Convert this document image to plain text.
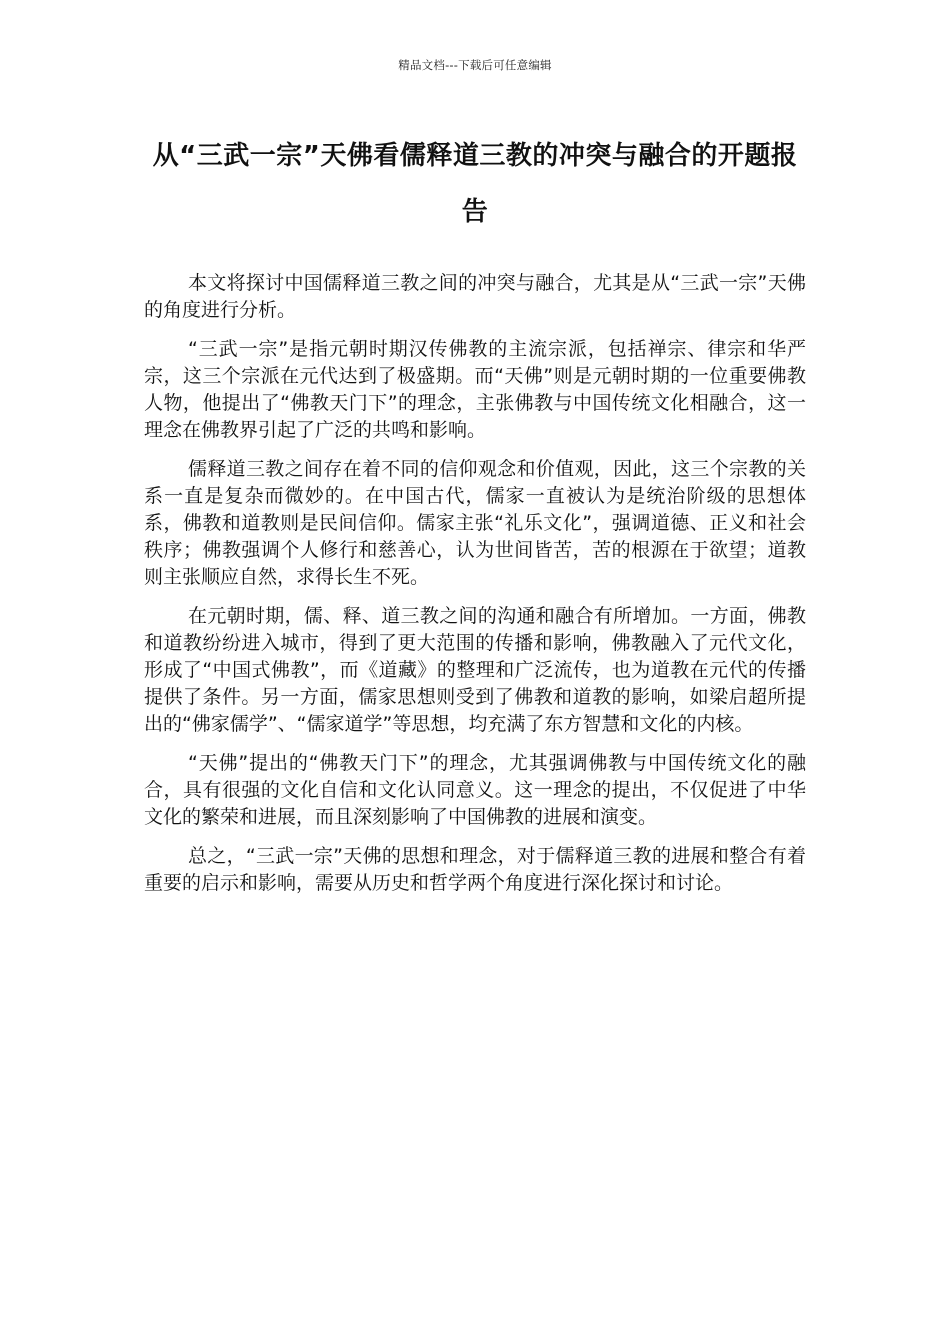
精品文档---下载后可任意编辑
从“三武一宗”天佛看儒释道三教的冲突与融合的开题报告

本文将探讨中国儒释道三教之间的冲突与融合，尤其是从“三武一宗”天佛的角度进行分析。

“三武一宗”是指元朝时期汉传佛教的主流宗派，包括禅宗、律宗和华严宗，这三个宗派在元代达到了极盛期。而“天佛”则是元朝时期的一位重要佛教人物，他提出了“佛教天门下”的理念，主张佛教与中国传统文化相融合，这一理念在佛教界引起了广泛的共鸣和影响。

儒释道三教之间存在着不同的信仰观念和价值观，因此，这三个宗教的关系一直是复杂而微妙的。在中国古代，儒家一直被认为是统治阶级的思想体系，佛教和道教则是民间信仰。儒家主张“礼乐文化”，强调道德、正义和社会秩序；佛教强调个人修行和慈善心，认为世间皆苦，苦的根源在于欲望；道教则主张顺应自然，求得长生不死。

在元朝时期，儒、释、道三教之间的沟通和融合有所增加。一方面，佛教和道教纷纷进入城市，得到了更大范围的传播和影响，佛教融入了元代文化，形成了“中国式佛教”，而《道藏》的整理和广泛流传，也为道教在元代的传播提供了条件。另一方面，儒家思想则受到了佛教和道教的影响，如梁启超所提出的“佛家儒学”、“儒家道学”等思想，均充满了东方智慧和文化的内核。

“天佛”提出的“佛教天门下”的理念，尤其强调佛教与中国传统文化的融合，具有很强的文化自信和文化认同意义。这一理念的提出，不仅促进了中华文化的繁荣和进展，而且深刻影响了中国佛教的进展和演变。

总之，“三武一宗”天佛的思想和理念，对于儒释道三教的进展和整合有着重要的启示和影响，需要从历史和哲学两个角度进行深化探讨和讨论。
